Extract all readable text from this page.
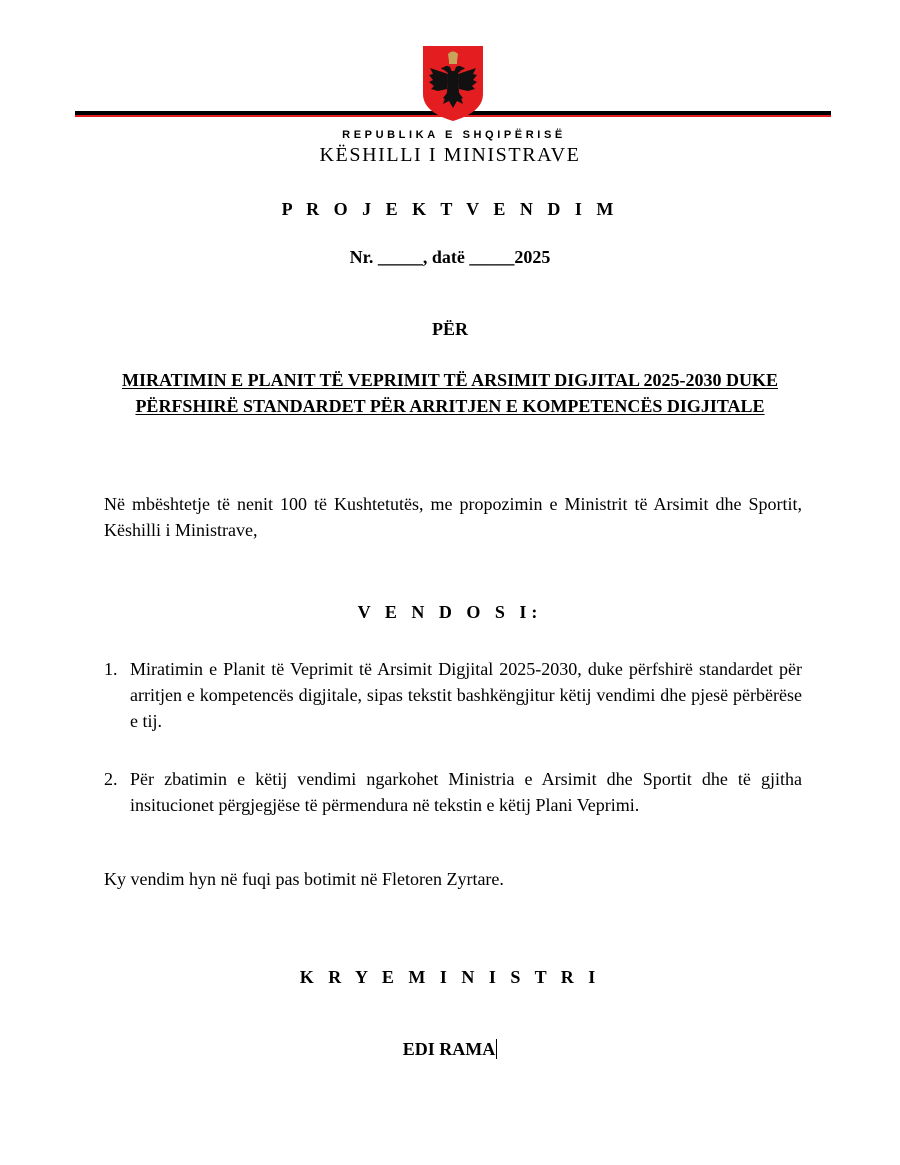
REPUBLIKA E SHQIPËRISË
KËSHILLI I MINISTRAVE
P R O J E K T V E N D I M
Nr. _____, datë _____2025
PËR
MIRATIMIN E PLANIT TË VEPRIMIT TË ARSIMIT DIGJITAL 2025-2030 DUKE PËRFSHIRË STANDARDET PËR ARRITJEN E KOMPETENCËS DIGJITALE
Në mbështetje të nenit 100 të Kushtetutës, me propozimin e Ministrit të Arsimit dhe Sportit, Këshilli i Ministrave,
V E N D O S I:
1. Miratimin e Planit të Veprimit të Arsimit Digjital 2025-2030, duke përfshirë standardet për arritjen e kompetencës digjitale, sipas tekstit bashkëngjitur këtij vendimi dhe pjesë përbërëse e tij.
2. Për zbatimin e këtij vendimi ngarkohet Ministria e Arsimit dhe Sportit dhe të gjitha insitucionet përgjegjëse të përmendura në tekstin e këtij Plani Veprimi.
Ky vendim hyn në fuqi pas botimit në Fletoren Zyrtare.
K R Y E M I N I S T R I
EDI RAMA
